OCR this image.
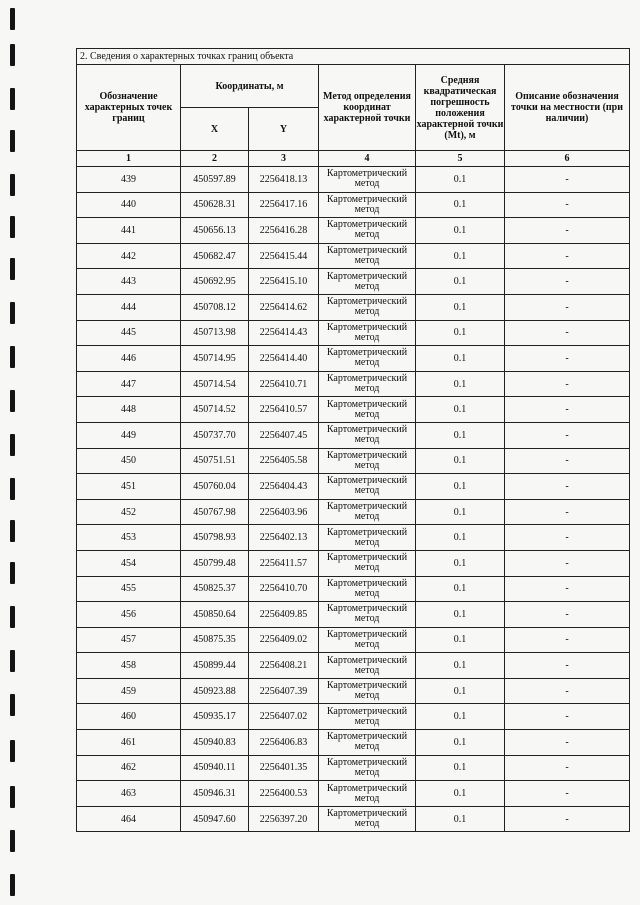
2. Сведения о характерных точках границ объекта					
Обозначение характерных точек границ	Координаты, м		Метод определения координат характерной точки	Средняя квадратическая погрешность положения характерной точки (Mt), м	Описание обозначения точки на местности (при наличии)
	X	Y			
1	2	3	4	5	6
439	450597.89	2256418.13	Картометрический метод	0.1	-
440	450628.31	2256417.16	Картометрический метод	0.1	-
441	450656.13	2256416.28	Картометрический метод	0.1	-
442	450682.47	2256415.44	Картометрический метод	0.1	-
443	450692.95	2256415.10	Картометрический метод	0.1	-
444	450708.12	2256414.62	Картометрический метод	0.1	-
445	450713.98	2256414.43	Картометрический метод	0.1	-
446	450714.95	2256414.40	Картометрический метод	0.1	-
447	450714.54	2256410.71	Картометрический метод	0.1	-
448	450714.52	2256410.57	Картометрический метод	0.1	-
449	450737.70	2256407.45	Картометрический метод	0.1	-
450	450751.51	2256405.58	Картометрический метод	0.1	-
451	450760.04	2256404.43	Картометрический метод	0.1	-
452	450767.98	2256403.96	Картометрический метод	0.1	-
453	450798.93	2256402.13	Картометрический метод	0.1	-
454	450799.48	2256411.57	Картометрический метод	0.1	-
455	450825.37	2256410.70	Картометрический метод	0.1	-
456	450850.64	2256409.85	Картометрический метод	0.1	-
457	450875.35	2256409.02	Картометрический метод	0.1	-
458	450899.44	2256408.21	Картометрический метод	0.1	-
459	450923.88	2256407.39	Картометрический метод	0.1	-
460	450935.17	2256407.02	Картометрический метод	0.1	-
461	450940.83	2256406.83	Картометрический метод	0.1	-
462	450940.11	2256401.35	Картометрический метод	0.1	-
463	450946.31	2256400.53	Картометрический метод	0.1	-
464	450947.60	2256397.20	Картометрический метод	0.1	-
